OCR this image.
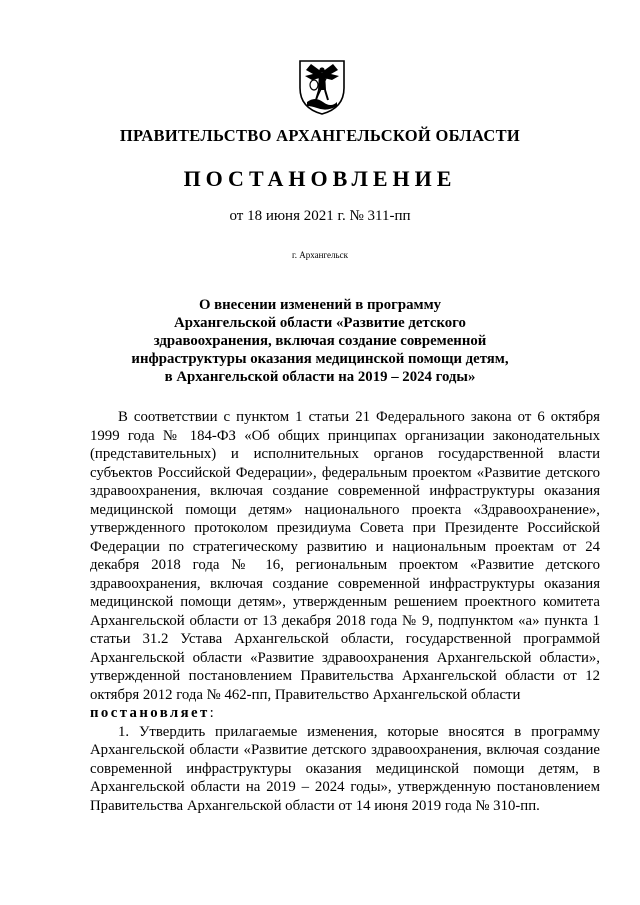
ПРАВИТЕЛЬСТВО АРХАНГЕЛЬСКОЙ ОБЛАСТИ
ПОСТАНОВЛЕНИЕ
от 18 июня 2021 г. № 311-пп
г. Архангельск
О внесении изменений в программу
Архангельской области «Развитие детского
здравоохранения, включая создание современной
инфраструктуры оказания медицинской помощи детям,
в Архангельской области на 2019 – 2024 годы»

В соответствии с пунктом 1 статьи 21 Федерального закона от 6 октября 1999 года № 184-ФЗ «Об общих принципах организации законодательных (представительных) и исполнительных органов государственной власти субъектов Российской Федерации», федеральным проектом «Развитие детского здравоохранения, включая создание современной инфраструктуры оказания медицинской помощи детям» национального проекта «Здравоохранение», утвержденного протоколом президиума Совета при Президенте Российской Федерации по стратегическому развитию и национальным проектам от 24 декабря 2018 года № 16, региональным проектом «Развитие детского здравоохранения, включая создание современной инфраструктуры оказания медицинской помощи детям», утвержденным решением проектного комитета Архангельской области от 13 декабря 2018 года № 9, подпунктом «а» пункта 1 статьи 31.2 Устава Архангельской области, государственной программой Архангельской области «Развитие здравоохранения Архангельской области», утвержденной постановлением Правительства Архангельской области от 12 октября 2012 года № 462-пп, Правительство Архангельской области
постановляет:

1. Утвердить прилагаемые изменения, которые вносятся в программу Архангельской области «Развитие детского здравоохранения, включая создание современной инфраструктуры оказания медицинской помощи детям, в Архангельской области на 2019 – 2024 годы», утвержденную постановлением Правительства Архангельской области от 14 июня 2019 года № 310-пп.
